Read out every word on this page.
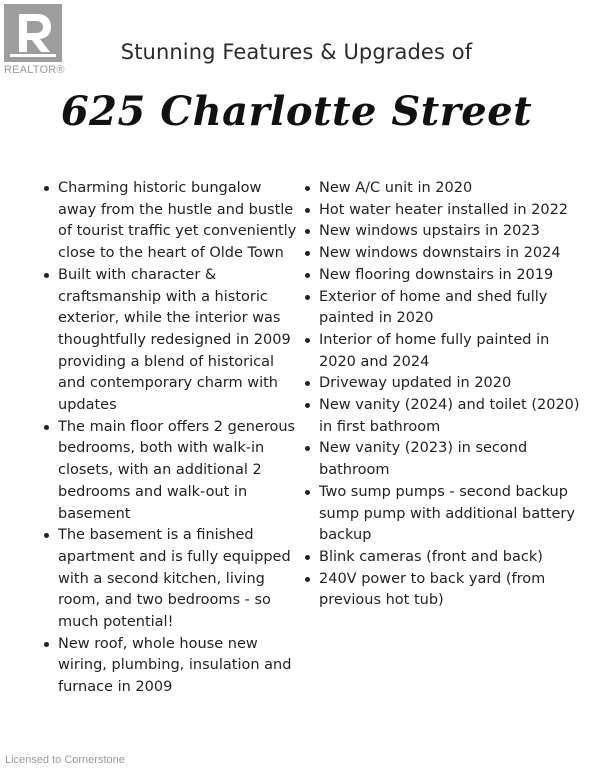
REALTOR®
Stunning Features & Upgrades of
625 Charlotte Street
Charming historic bungalow away from the hustle and bustle of tourist traffic yet conveniently close to the heart of Olde Town
Built with character & craftsmanship with a historic exterior, while the interior was thoughtfully redesigned in 2009 providing a blend of historical and contemporary charm with updates
The main floor offers 2 generous bedrooms, both with walk-in closets, with an additional 2 bedrooms and walk-out in basement
The basement is a finished apartment and is fully equipped with a second kitchen, living room, and two bedrooms - so much potential!
New roof, whole house new wiring, plumbing, insulation and furnace in 2009
New A/C unit in 2020
Hot water heater installed in 2022
New windows upstairs in 2023
New windows downstairs in 2024
New flooring downstairs in 2019
Exterior of home and shed fully painted in 2020
Interior of home fully painted in 2020 and 2024
Driveway updated in 2020
New vanity (2024) and toilet (2020) in first bathroom
New vanity (2023) in second bathroom
Two sump pumps - second backup sump pump with additional battery backup
Blink cameras (front and back)
240V power to back yard (from previous hot tub)
Licensed to Cornerstone
